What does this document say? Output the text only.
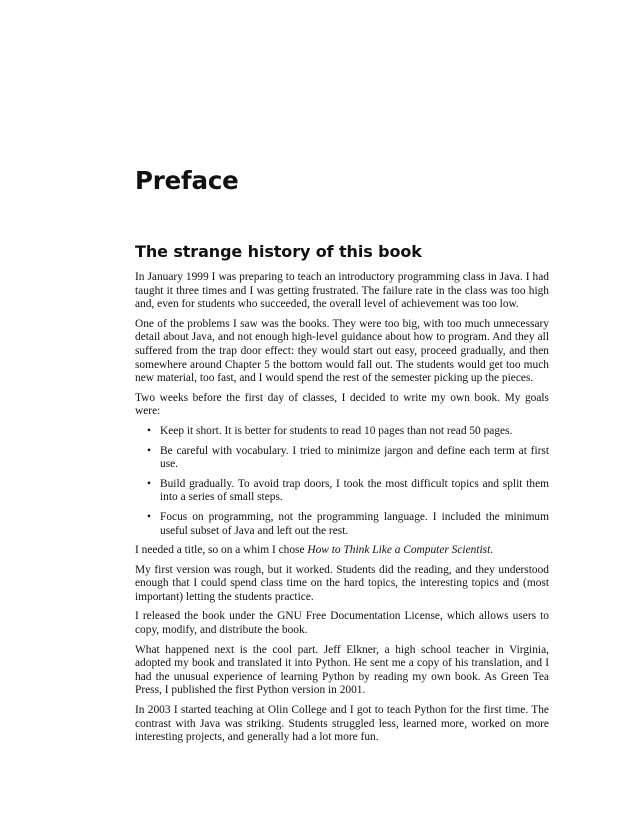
Preface
The strange history of this book

In January 1999 I was preparing to teach an introductory programming class in Java. I had taught it three times and I was getting frustrated. The failure rate in the class was too high and, even for students who succeeded, the overall level of achievement was too low.

One of the problems I saw was the books. They were too big, with too much unnecessary detail about Java, and not enough high-level guidance about how to program. And they all suffered from the trap door effect: they would start out easy, proceed gradually, and then somewhere around Chapter 5 the bottom would fall out. The students would get too much new material, too fast, and I would spend the rest of the semester picking up the pieces.

Two weeks before the first day of classes, I decided to write my own book. My goals were:

• Keep it short. It is better for students to read 10 pages than not read 50 pages.
• Be careful with vocabulary. I tried to minimize jargon and define each term at first use.
• Build gradually. To avoid trap doors, I took the most difficult topics and split them into a series of small steps.
• Focus on programming, not the programming language. I included the minimum useful subset of Java and left out the rest.

I needed a title, so on a whim I chose How to Think Like a Computer Scientist.

My first version was rough, but it worked. Students did the reading, and they understood enough that I could spend class time on the hard topics, the interesting topics and (most important) letting the students practice.

I released the book under the GNU Free Documentation License, which allows users to copy, modify, and distribute the book.

What happened next is the cool part. Jeff Elkner, a high school teacher in Virginia, adopted my book and translated it into Python. He sent me a copy of his translation, and I had the unusual experience of learning Python by reading my own book. As Green Tea Press, I published the first Python version in 2001.

In 2003 I started teaching at Olin College and I got to teach Python for the first time. The contrast with Java was striking. Students struggled less, learned more, worked on more interesting projects, and generally had a lot more fun.
